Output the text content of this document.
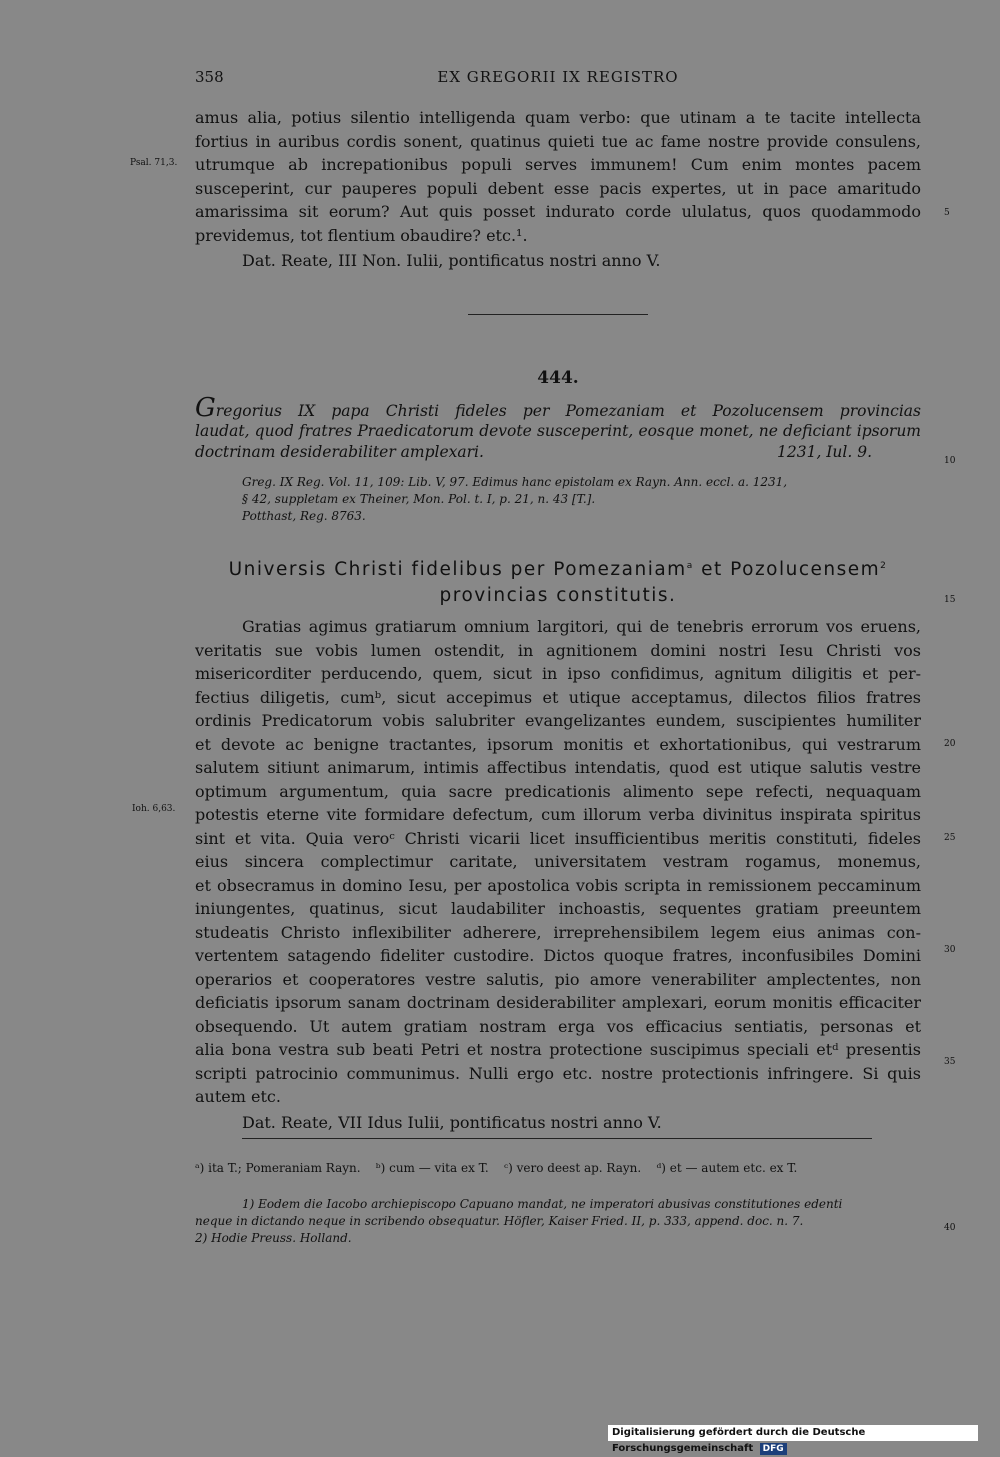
358	EX GREGORII IX REGISTRO
amus alia, potius silentio intelligenda quam verbo: que utinam a te tacite intellecta
fortius in auribus cordis sonent, quatinus quieti tue ac fame nostre provide consulens,
utrumque ab increpationibus populi serves immunem! Cum enim montes pacem
susceperint, cur pauperes populi debent esse pacis expertes, ut in pace amaritudo
amarissima sit eorum? Aut quis posset indurato corde ululatus, quos quodammodo
previdemus, tot flentium obaudire? etc.¹.
Dat. Reate, III Non. Iulii, pontificatus nostri anno V.
Psal. 71,3.
5
444.
Gregorius IX papa Christi fideles per Pomezaniam et Pozolucensem provincias
laudat, quod fratres Praedicatorum devote susceperint, eosque monet, ne deficiant ipsorum
doctrinam desiderabiliter amplexari.	1231, Iul. 9.	10
Greg. IX Reg. Vol. 11, 109: Lib. V, 97. Edimus hanc epistolam ex Rayn. Ann. eccl. a. 1231,
§ 42, suppletam ex Theiner, Mon. Pol. t. I, p. 21, n. 43 [T.].
Potthast, Reg. 8763.
Universis Christi fidelibus per Pomezaniam$^a$ et Pozolucensem$^2$
provincias constitutis.	15
Gratias agimus gratiarum omnium largitori, qui de tenebris errorum vos eruens,
veritatis sue vobis lumen ostendit, in agnitionem domini nostri Iesu Christi vos
misericorditer perducendo, quem, sicut in ipso confidimus, agnitum diligitis et per-
fectius diligetis, cumᵇ, sicut accepimus et utique acceptamus, dilectos filios fratres
ordinis Predicatorum vobis salubriter evangelizantes eundem, suscipientes humiliter
et devote ac benigne tractantes, ipsorum monitis et exhortationibus, qui vestrarum
salutem sitiunt animarum, intimis affectibus intendatis, quod est utique salutis vestre
optimum argumentum, quia sacre predicationis alimento sepe refecti, nequaquam
potestis eterne vite formidare defectum, cum illorum verba divinitus inspirata spiritus
sint et vita. Quia veroᶜ Christi vicarii licet insufficientibus meritis constituti, fideles
eius sincera complectimur caritate, universitatem vestram rogamus, monemus,
et obsecramus in domino Iesu, per apostolica vobis scripta in remissionem peccaminum
iniungentes, quatinus, sicut laudabiliter inchoastis, sequentes gratiam preeuntem
studeatis Christo inflexibiliter adherere, irreprehensibilem legem eius animas con-
vertentem satagendo fideliter custodire. Dictos quoque fratres, inconfusibiles Domini
operarios et cooperatores vestre salutis, pio amore venerabiliter amplectentes, non
deficiatis ipsorum sanam doctrinam desiderabiliter amplexari, eorum monitis efficaciter
obsequendo. Ut autem gratiam nostram erga vos efficacius sentiatis, personas et
alia bona vestra sub beati Petri et nostra protectione suscipimus speciali etᵈ presentis
scripti patrocinio communimus. Nulli ergo etc. nostre protectionis infringere. Si quis
autem etc.
Dat. Reate, VII Idus Iulii, pontificatus nostri anno V.
Ioh. 6,63.
20
25
30
35
ᵃ) ita T.; Pomeraniam Rayn.    ᵇ) cum — vita ex T.    ᶜ) vero deest ap. Rayn.    ᵈ) et — autem etc. ex T.
1) Eodem die Iacobo archiepiscopo Capuano mandat, ne imperatori abusivas constitutiones edenti
neque in dictando neque in scribendo obsequatur. Höfler, Kaiser Fried. II, p. 333, append. doc. n. 7.
2) Hodie Preuss. Holland.
40
Digitalisierung gefördert durch die Deutsche Forschungsgemeinschaft DFG
